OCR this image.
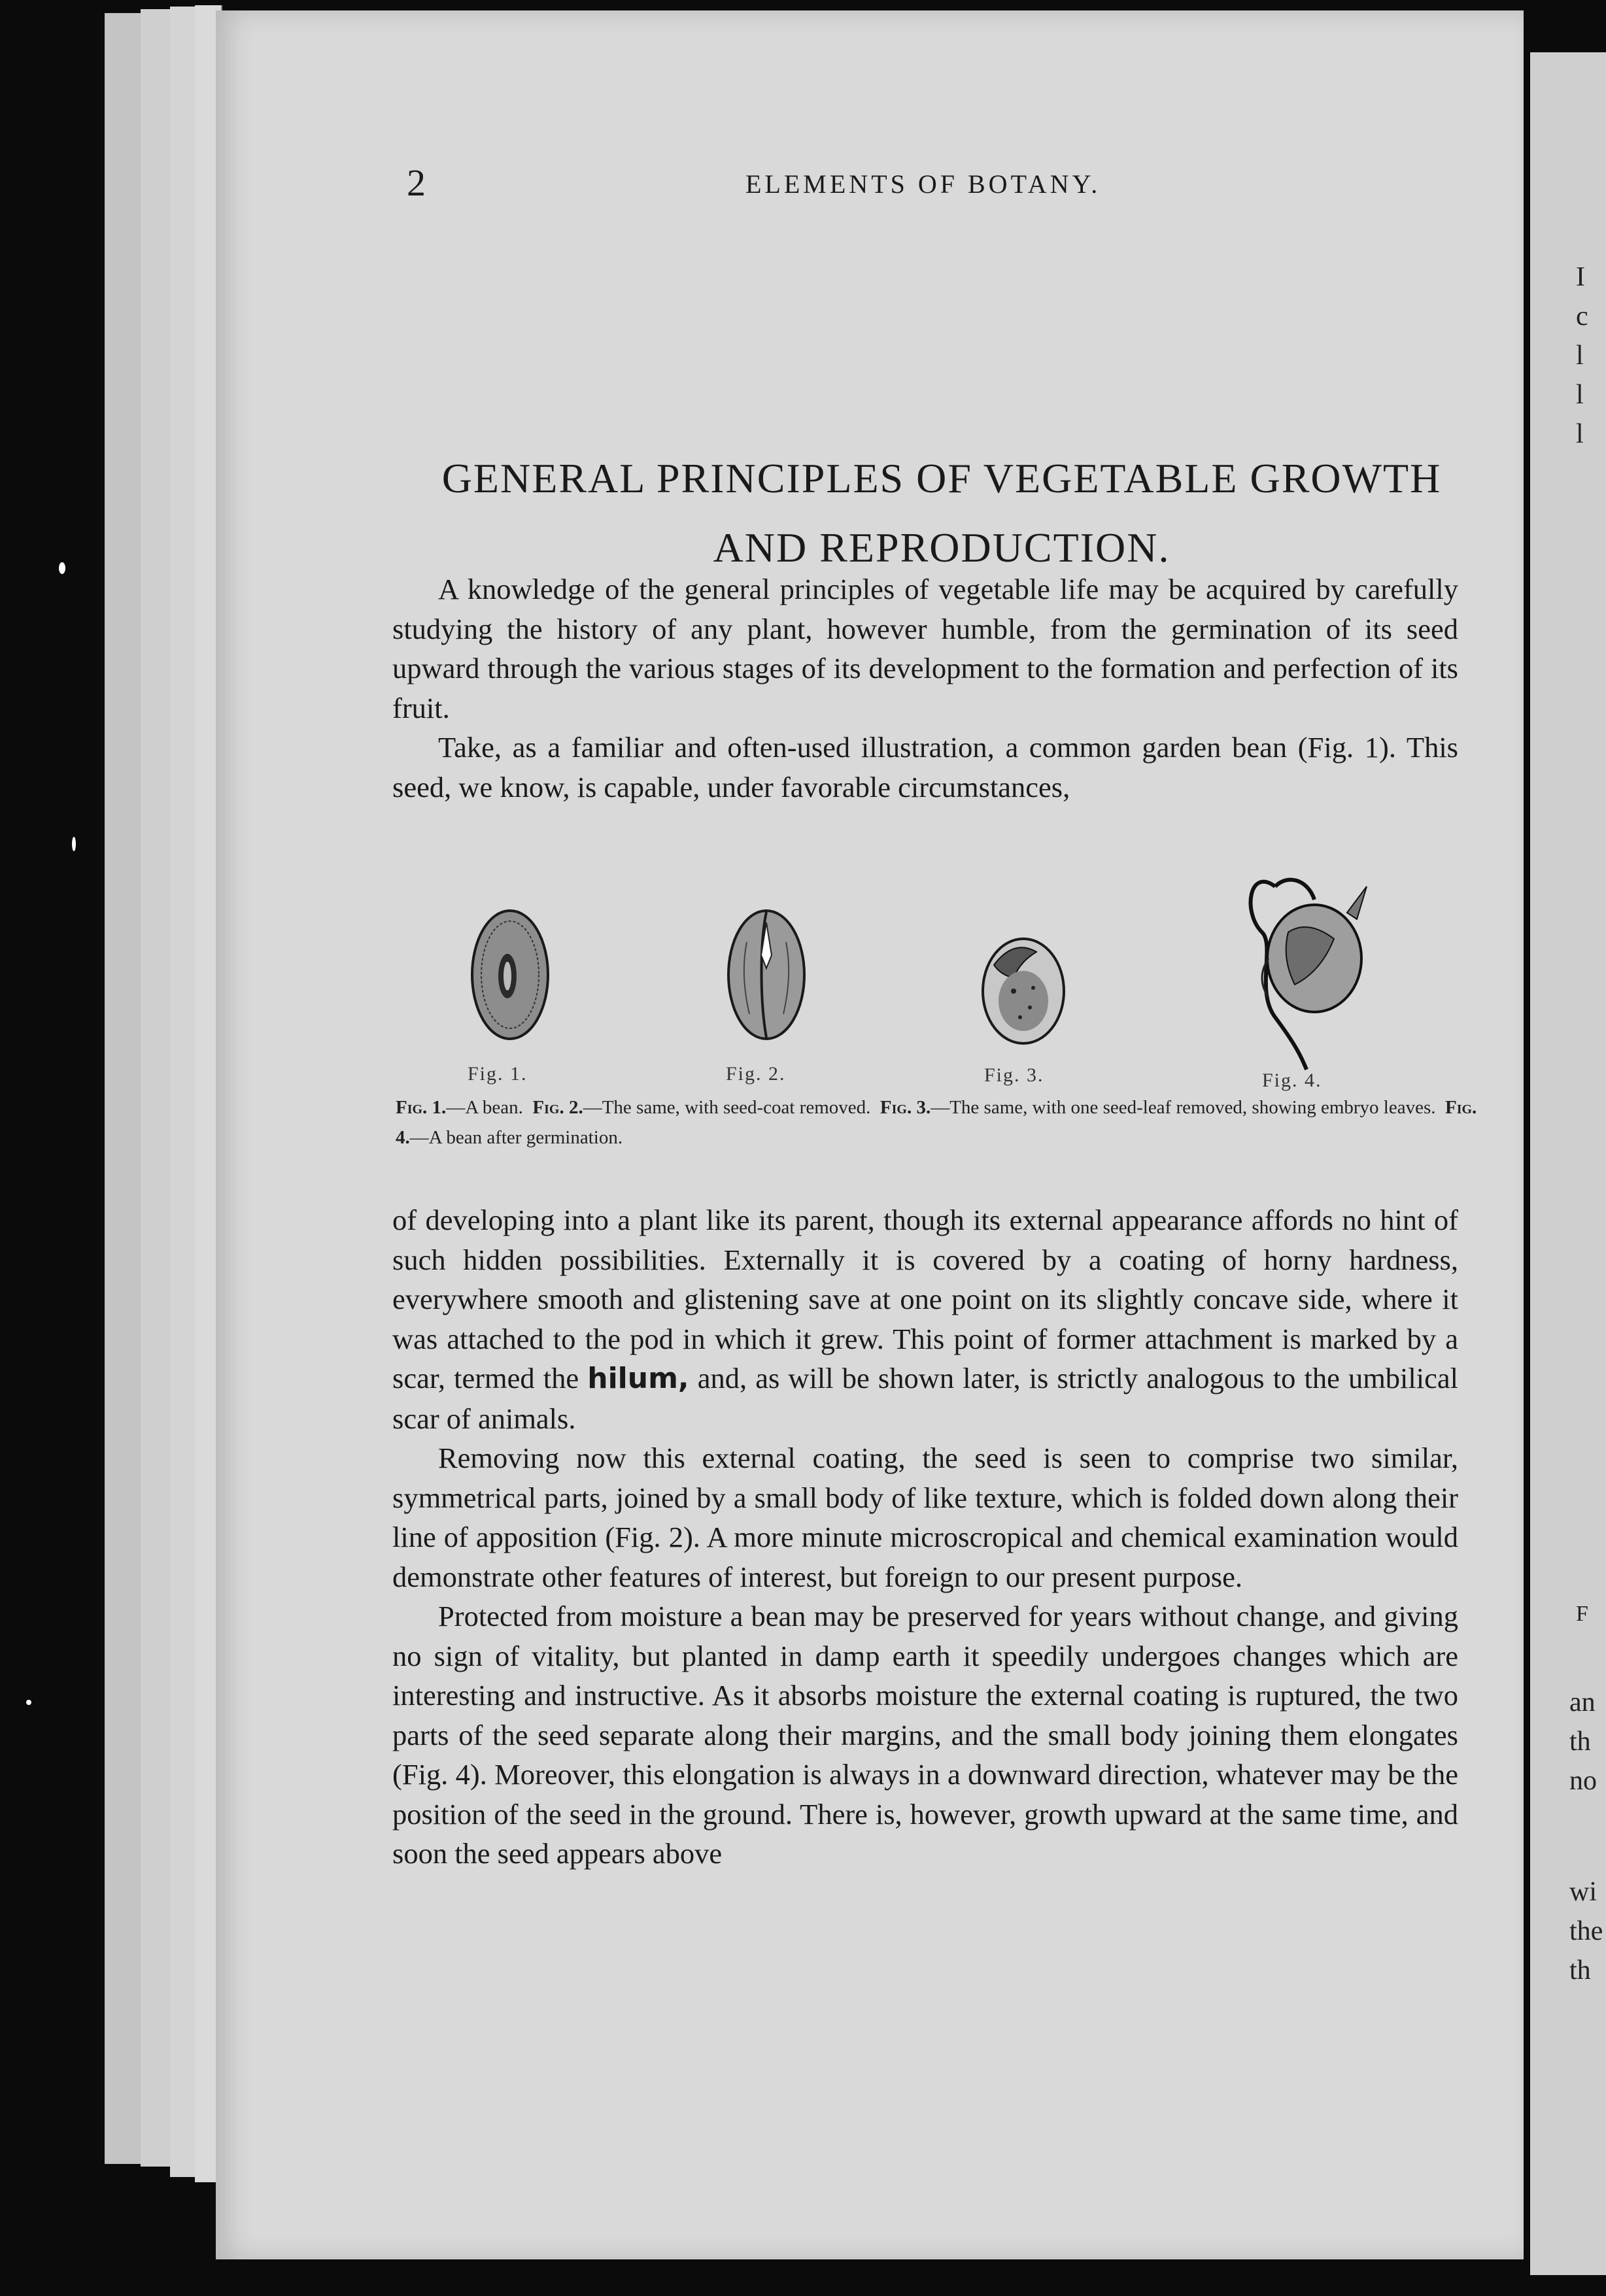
I
c
l
l
l
F
an
th
no
wi
the
th
2	ELEMENTS OF BOTANY.
GENERAL PRINCIPLES OF VEGETABLE GROWTH
AND REPRODUCTION.

A knowledge of the general principles of vegetable life may be acquired by carefully studying the history of any plant, however humble, from the germination of its seed upward through the various stages of its development to the formation and perfection of its fruit.

Take, as a familiar and often-used illustration, a common garden bean (Fig. 1). This seed, we know, is capable, under favorable circumstances,

Fig. 1.	Fig. 2.	Fig. 3.	Fig. 4.
Fig. 1.—A bean. Fig. 2.—The same, with seed-coat removed. Fig. 3.—The same, with one seed-leaf removed, showing embryo leaves. Fig. 4.—A bean after germination.

of developing into a plant like its parent, though its external appearance affords no hint of such hidden possibilities. Externally it is covered by a coating of horny hardness, everywhere smooth and glistening save at one point on its slightly concave side, where it was attached to the pod in which it grew. This point of former attachment is marked by a scar, termed the hilum, and, as will be shown later, is strictly analogous to the umbilical scar of animals.

Removing now this external coating, the seed is seen to comprise two similar, symmetrical parts, joined by a small body of like texture, which is folded down along their line of apposition (Fig. 2). A more minute microscropical and chemical examination would demonstrate other features of interest, but foreign to our present purpose.

Protected from moisture a bean may be preserved for years without change, and giving no sign of vitality, but planted in damp earth it speedily undergoes changes which are interesting and instructive. As it absorbs moisture the external coating is ruptured, the two parts of the seed separate along their margins, and the small body joining them elongates (Fig. 4). Moreover, this elongation is always in a downward direction, whatever may be the position of the seed in the ground. There is, however, growth upward at the same time, and soon the seed appears above
